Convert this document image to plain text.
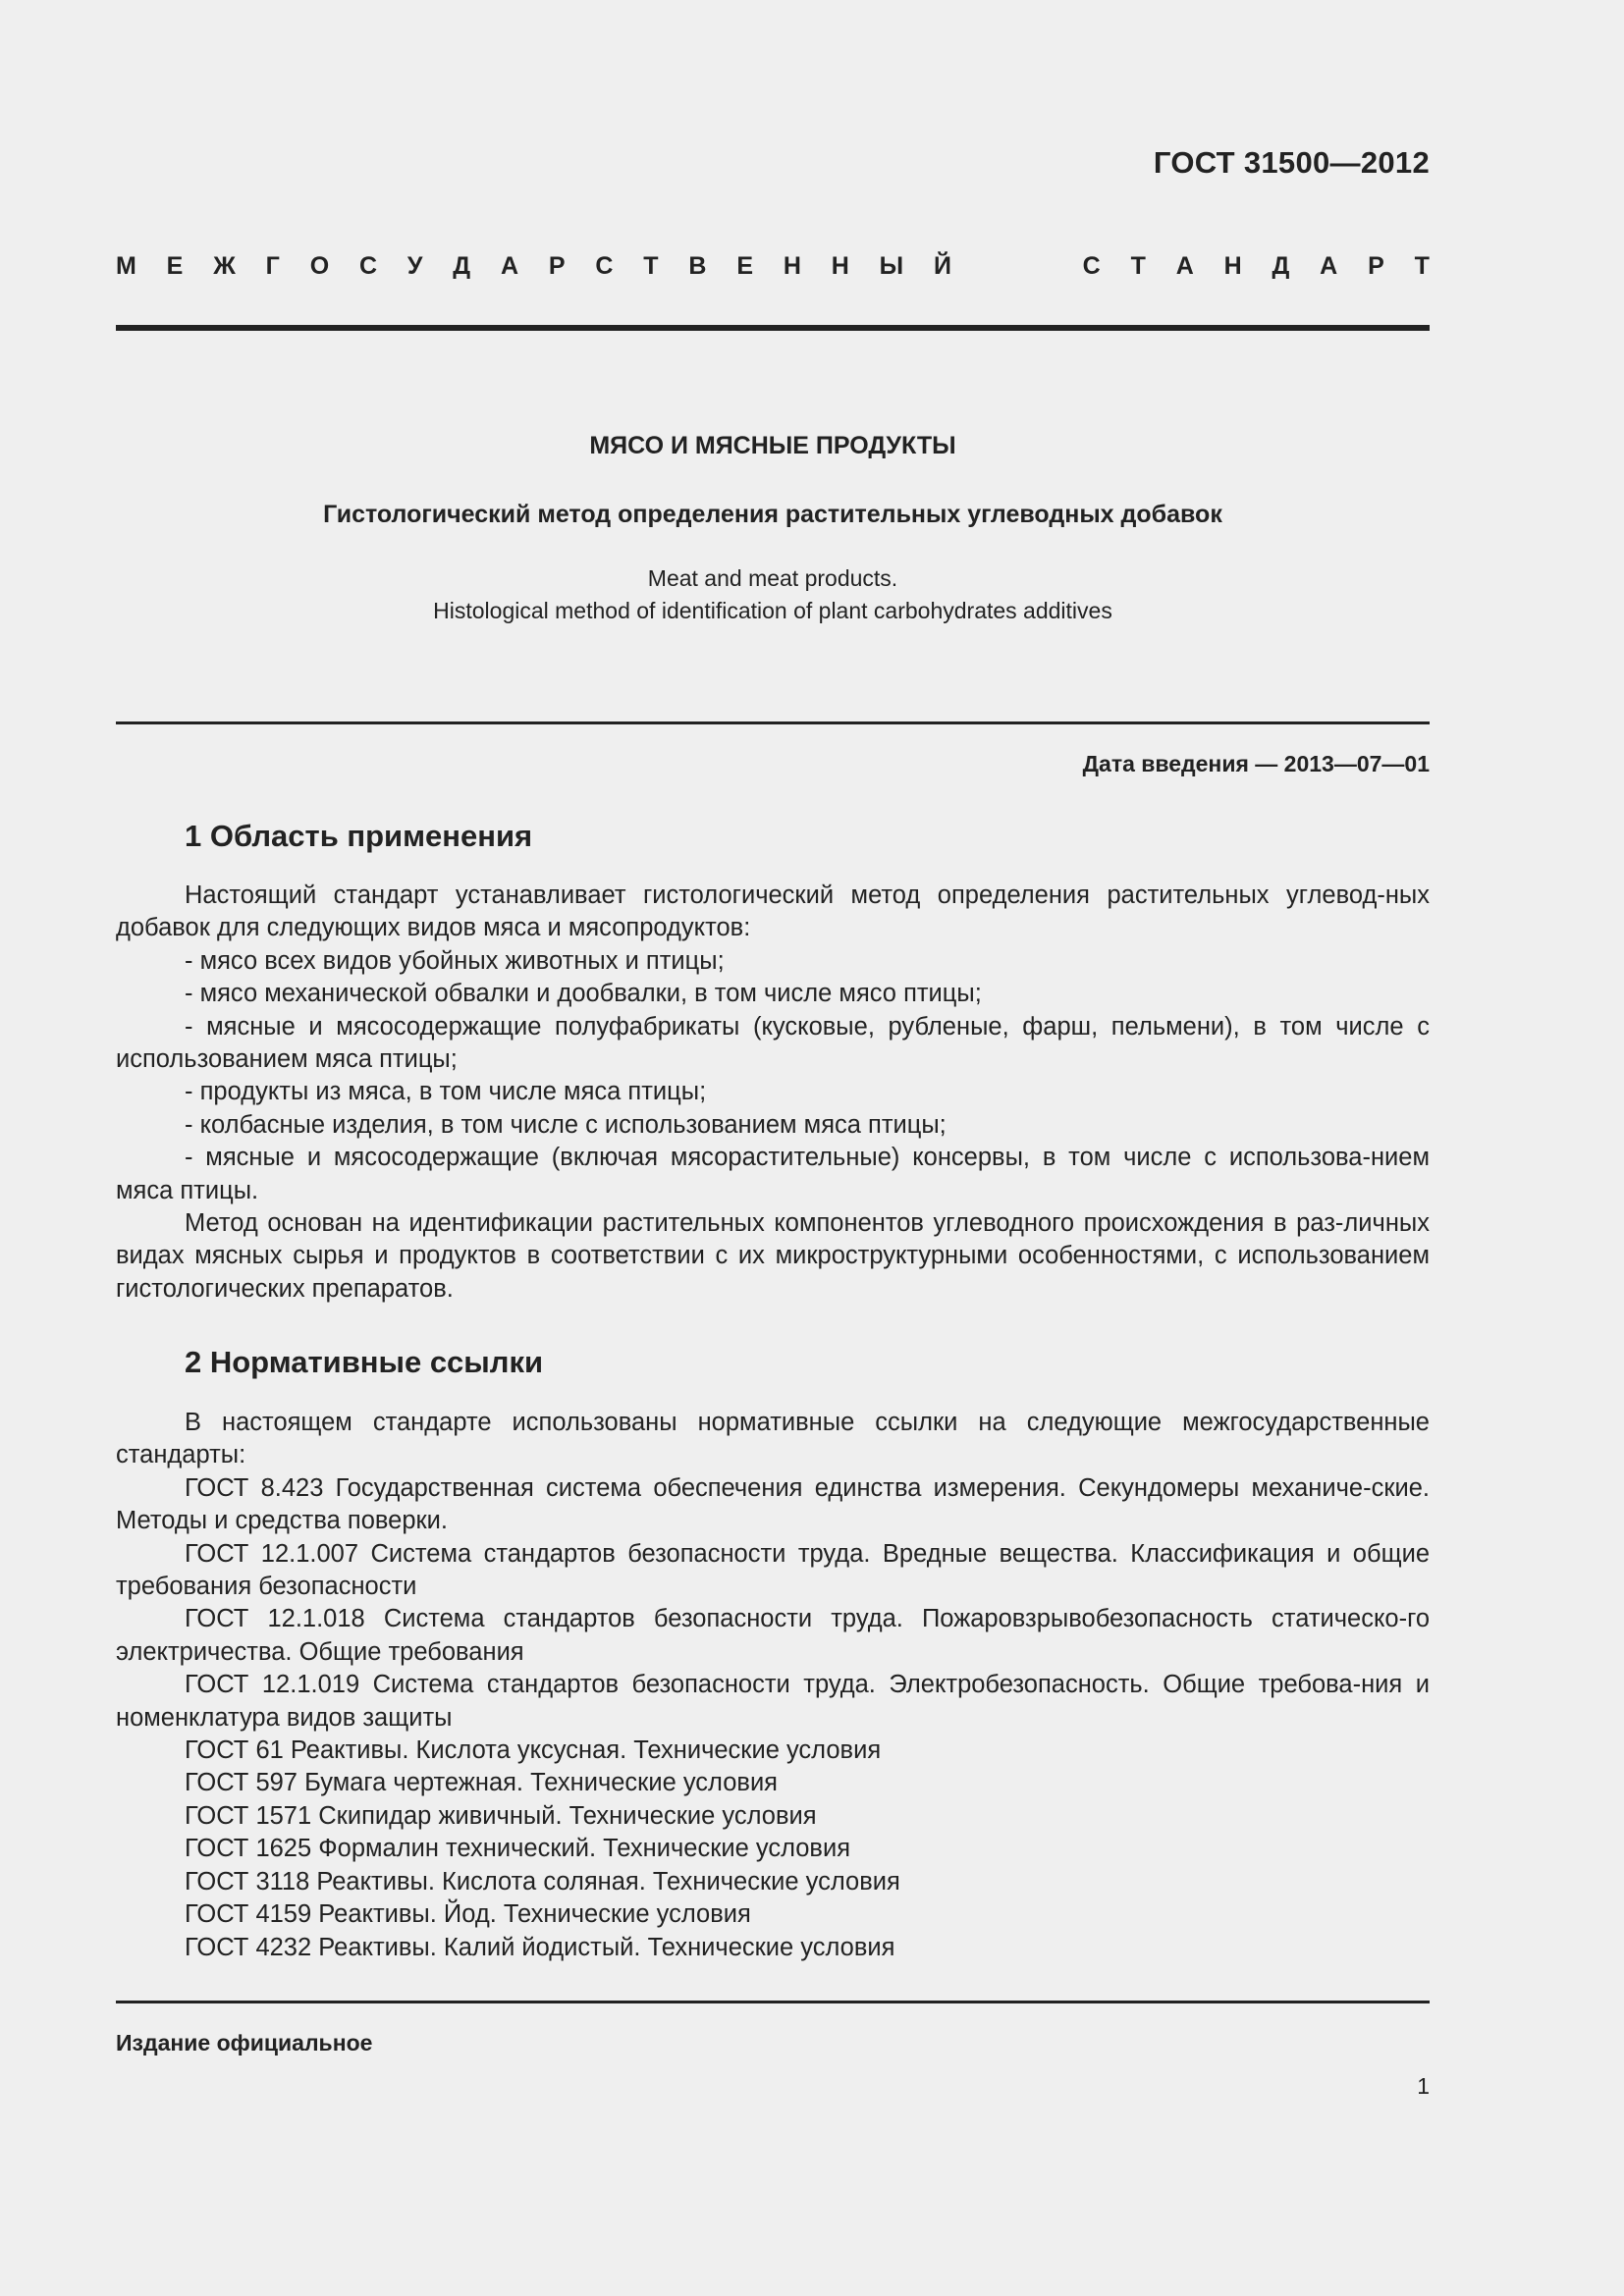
ГОСТ 31500—2012
М Е Ж Г О С У Д А Р С Т В Е Н Н Ы Й	С Т А Н Д А Р Т
МЯСО И МЯСНЫЕ ПРОДУКТЫ
Гистологический метод определения растительных углеводных добавок
Meat and meat products.
Histological method of identification of plant carbohydrates additives
Дата введения — 2013—07—01
1 Область применения

Настоящий стандарт устанавливает гистологический метод определения растительных углевод-ных добавок для следующих видов мяса и мясопродуктов:

- мясо всех видов убойных животных и птицы;

- мясо механической обвалки и дообвалки, в том числе мясо птицы;

- мясные и мясосодержащие полуфабрикаты (кусковые, рубленые, фарш, пельмени), в том числе с использованием мяса птицы;

- продукты из мяса, в том числе мяса птицы;

- колбасные изделия, в том числе с использованием мяса птицы;

- мясные и мясосодержащие (включая мясорастительные) консервы, в том числе с использова-нием мяса птицы.

Метод основан на идентификации растительных компонентов углеводного происхождения в раз-личных видах мясных сырья и продуктов в соответствии с их микроструктурными особенностями, с использованием гистологических препаратов.

2 Нормативные ссылки

В настоящем стандарте использованы нормативные ссылки на следующие межгосударственные стандарты:

ГОСТ 8.423 Государственная система обеспечения единства измерения. Секундомеры механиче-ские. Методы и средства поверки.

ГОСТ 12.1.007 Система стандартов безопасности труда. Вредные вещества. Классификация и общие требования безопасности

ГОСТ 12.1.018 Система стандартов безопасности труда. Пожаровзрывобезопасность статическо-го электричества. Общие требования

ГОСТ 12.1.019 Система стандартов безопасности труда. Электробезопасность. Общие требова-ния и номенклатура видов защиты

ГОСТ 61 Реактивы. Кислота уксусная. Технические условия

ГОСТ 597 Бумага чертежная. Технические условия

ГОСТ 1571 Скипидар живичный. Технические условия

ГОСТ 1625 Формалин технический. Технические условия

ГОСТ 3118 Реактивы. Кислота соляная. Технические условия

ГОСТ 4159 Реактивы. Йод. Технические условия

ГОСТ 4232 Реактивы. Калий йодистый. Технические условия

Издание официальное
1
